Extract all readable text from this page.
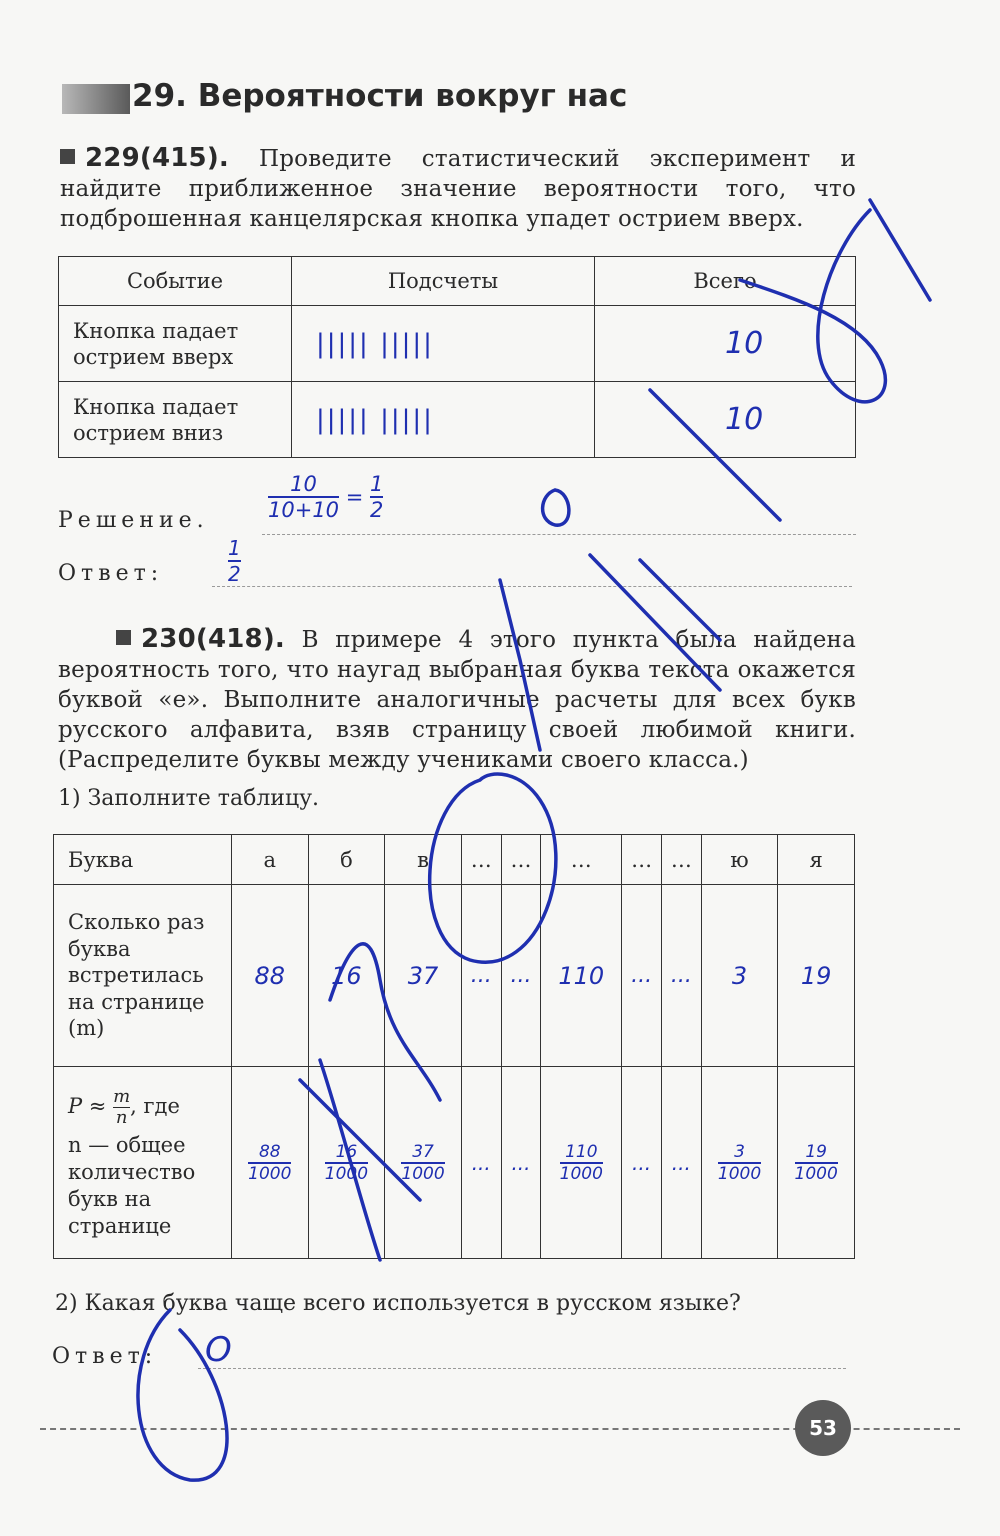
29. Вероятности вокруг нас
229(415). Проведите статистический эксперимент и найдите приближенное значение вероятности того, что подброшенная канцелярская кнопка упадет острием вверх.
Событие	Подсчеты	Всего
Кнопка падает острием вверх	||||| |||||	10
Кнопка падает острием вниз	||||| |||||	10
Решение.	$\frac{10}{10+10} = \frac{1}{2}$
Ответ:	$\frac{1}{2}$
230(418). В примере 4 этого пункта была найдена вероятность того, что наугад выбранная буква текста окажется буквой «е». Выполните аналогичные расчеты для всех букв русского алфавита, взяв страницу своей любимой книги. (Распределите буквы между учениками своего класса.)
1) Заполните таблицу.
Буква	а	б	в	…	…	…	…	…	ю	я
Сколько раз буква встретилась на странице (m)	88	16	37	...	...	110	...	...	3	19
$P \approx \frac{m}{n}$ , где
n — общее количество букв на странице	$\frac{88}{1000}$	$\frac{16}{1000}$	$\frac{37}{1000}$	...	...	$\frac{110}{1000}$	...	...	$\frac{3}{1000}$	$\frac{19}{1000}$
2) Какая буква чаще всего используется в русском языке?
Ответ: О
53
